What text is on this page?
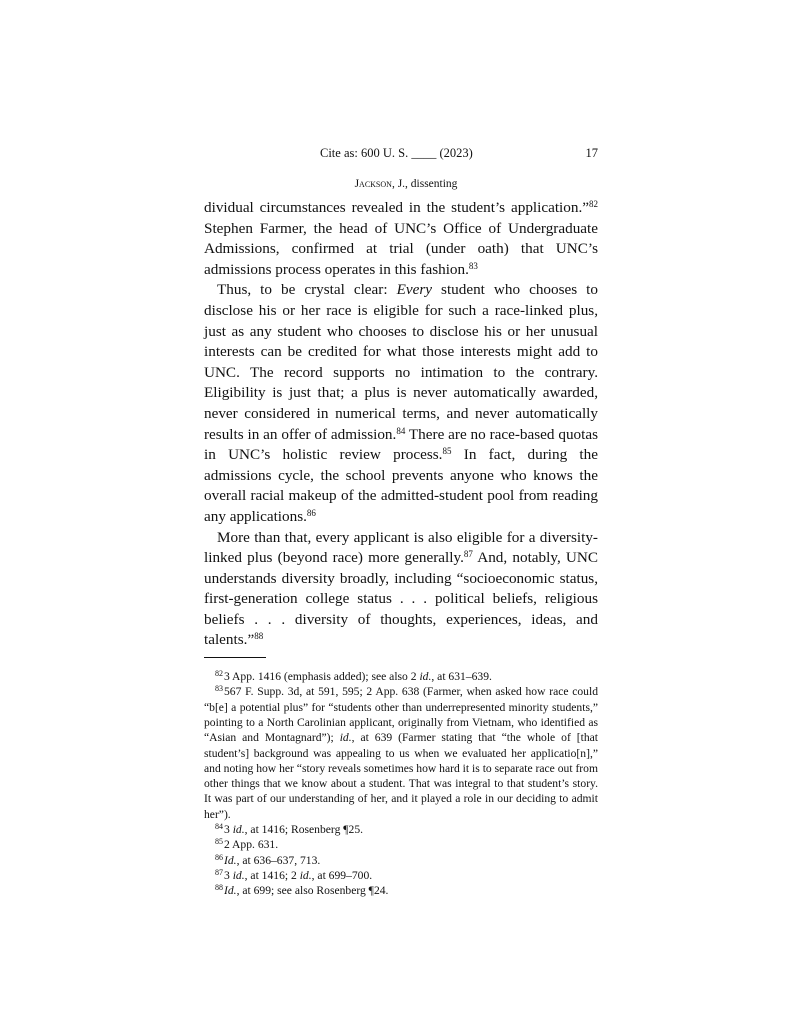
Cite as: 600 U. S. ____ (2023)	17
Jackson, J., dissenting

dividual circumstances revealed in the student’s application.”$^{82}$ Stephen Farmer, the head of UNC’s Office of Undergraduate Admissions, confirmed at trial (under oath) that UNC’s admissions process operates in this fashion.$^{83}$

Thus, to be crystal clear: Every student who chooses to disclose his or her race is eligible for such a race-linked plus, just as any student who chooses to disclose his or her unusual interests can be credited for what those interests might add to UNC. The record supports no intimation to the contrary. Eligibility is just that; a plus is never automatically awarded, never considered in numerical terms, and never automatically results in an offer of admission.$^{84}$ There are no race-based quotas in UNC’s holistic review process.$^{85}$ In fact, during the admissions cycle, the school prevents anyone who knows the overall racial makeup of the admitted-student pool from reading any applications.$^{86}$

More than that, every applicant is also eligible for a diversity-linked plus (beyond race) more generally.$^{87}$ And, notably, UNC understands diversity broadly, including “socioeconomic status, first-generation college status . . . political beliefs, religious beliefs . . . diversity of thoughts, experiences, ideas, and talents.”$^{88}$

$^{82}$3 App. 1416 (emphasis added); see also 2 id., at 631–639.

$^{83}$567 F. Supp. 3d, at 591, 595; 2 App. 638 (Farmer, when asked how race could “b[e] a potential plus” for “students other than underrepresented minority students,” pointing to a North Carolinian applicant, originally from Vietnam, who identified as “Asian and Montagnard”); id., at 639 (Farmer stating that “the whole of [that student’s] background was appealing to us when we evaluated her applicatio[n],” and noting how her “story reveals sometimes how hard it is to separate race out from other things that we know about a student. That was integral to that student’s story. It was part of our understanding of her, and it played a role in our deciding to admit her”).

$^{84}$3 id., at 1416; Rosenberg ¶25.

$^{85}$2 App. 631.

$^{86}$Id., at 636–637, 713.

$^{87}$3 id., at 1416; 2 id., at 699–700.

$^{88}$Id., at 699; see also Rosenberg ¶24.
